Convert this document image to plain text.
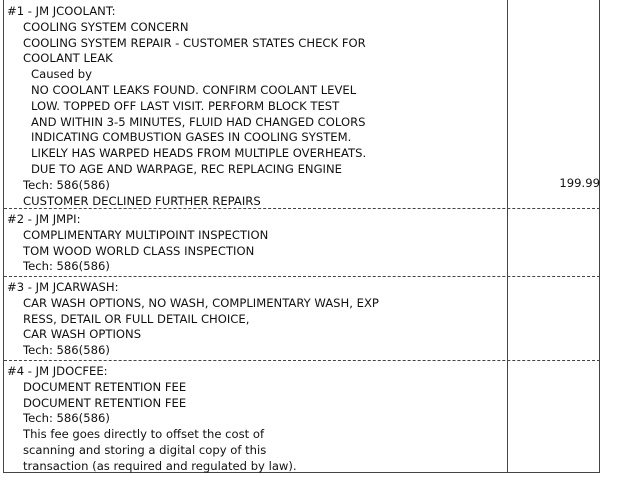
#1 - JM JCOOLANT:
COOLING SYSTEM CONCERN
COOLING SYSTEM REPAIR - CUSTOMER STATES CHECK FOR
COOLANT LEAK
Caused by
NO COOLANT LEAKS FOUND. CONFIRM COOLANT LEVEL
LOW. TOPPED OFF LAST VISIT. PERFORM BLOCK TEST
AND WITHIN 3-5 MINUTES, FLUID HAD CHANGED COLORS
INDICATING COMBUSTION GASES IN COOLING SYSTEM.
LIKELY HAS WARPED HEADS FROM MULTIPLE OVERHEATS.
DUE TO AGE AND WARPAGE, REC REPLACING ENGINE
Tech: 586(586)
CUSTOMER DECLINED FURTHER REPAIRS
199.99
#2 - JM JMPI:
COMPLIMENTARY MULTIPOINT INSPECTION
TOM WOOD WORLD CLASS INSPECTION
Tech: 586(586)
#3 - JM JCARWASH:
CAR WASH OPTIONS, NO WASH, COMPLIMENTARY WASH, EXP
RESS, DETAIL OR FULL DETAIL CHOICE,
CAR WASH OPTIONS
Tech: 586(586)
#4 - JM JDOCFEE:
DOCUMENT RETENTION FEE
DOCUMENT RETENTION FEE
Tech: 586(586)
This fee goes directly to offset the cost of
scanning and storing a digital copy of this
transaction (as required and regulated by law).
